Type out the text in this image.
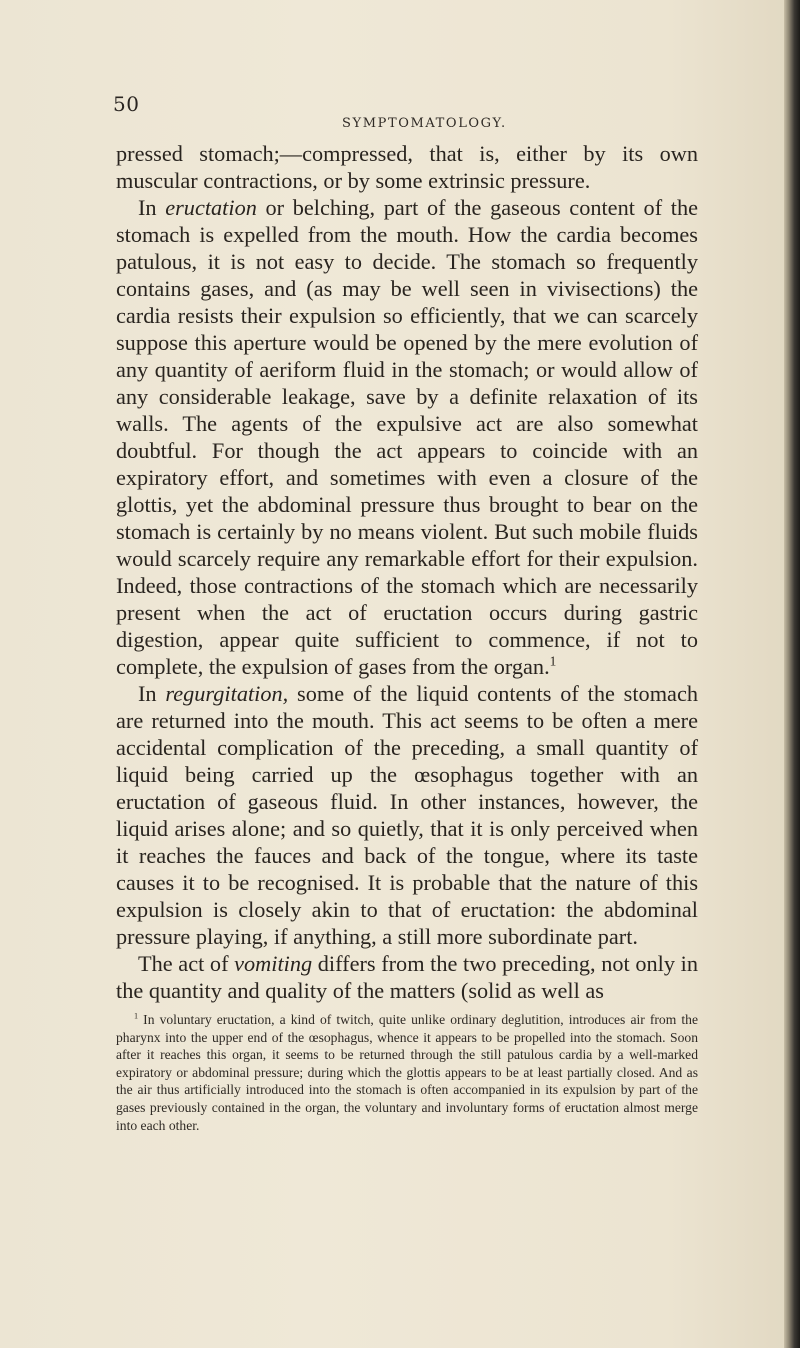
50
SYMPTOMATOLOGY.

pressed stomach;—compressed, that is, either by its own muscular contractions, or by some extrinsic pressure.

In eructation or belching, part of the gaseous content of the stomach is expelled from the mouth. How the cardia becomes patulous, it is not easy to decide. The stomach so frequently contains gases, and (as may be well seen in vivisections) the cardia resists their expulsion so efficiently, that we can scarcely suppose this aperture would be opened by the mere evolution of any quantity of aeriform fluid in the stomach; or would allow of any considerable leakage, save by a definite relaxation of its walls. The agents of the expulsive act are also somewhat doubtful. For though the act appears to coincide with an expiratory effort, and sometimes with even a closure of the glottis, yet the abdominal pressure thus brought to bear on the stomach is certainly by no means violent. But such mobile fluids would scarcely require any remarkable effort for their expulsion. Indeed, those contractions of the stomach which are necessarily present when the act of eructation occurs during gastric digestion, appear quite sufficient to commence, if not to complete, the expulsion of gases from the organ.$^1$

In regurgitation, some of the liquid contents of the stomach are returned into the mouth. This act seems to be often a mere accidental complication of the preceding, a small quantity of liquid being carried up the œsophagus together with an eructation of gaseous fluid. In other instances, however, the liquid arises alone; and so quietly, that it is only perceived when it reaches the fauces and back of the tongue, where its taste causes it to be recognised. It is probable that the nature of this expulsion is closely akin to that of eructation: the abdominal pressure playing, if anything, a still more subordinate part.

The act of vomiting differs from the two preceding, not only in the quantity and quality of the matters (solid as well as

$^1$ In voluntary eructation, a kind of twitch, quite unlike ordinary deglutition, introduces air from the pharynx into the upper end of the œsophagus, whence it appears to be propelled into the stomach. Soon after it reaches this organ, it seems to be returned through the still patulous cardia by a well-marked expiratory or abdominal pressure; during which the glottis appears to be at least partially closed. And as the air thus artificially introduced into the stomach is often accompanied in its expulsion by part of the gases previously contained in the organ, the voluntary and involuntary forms of eructation almost merge into each other.
